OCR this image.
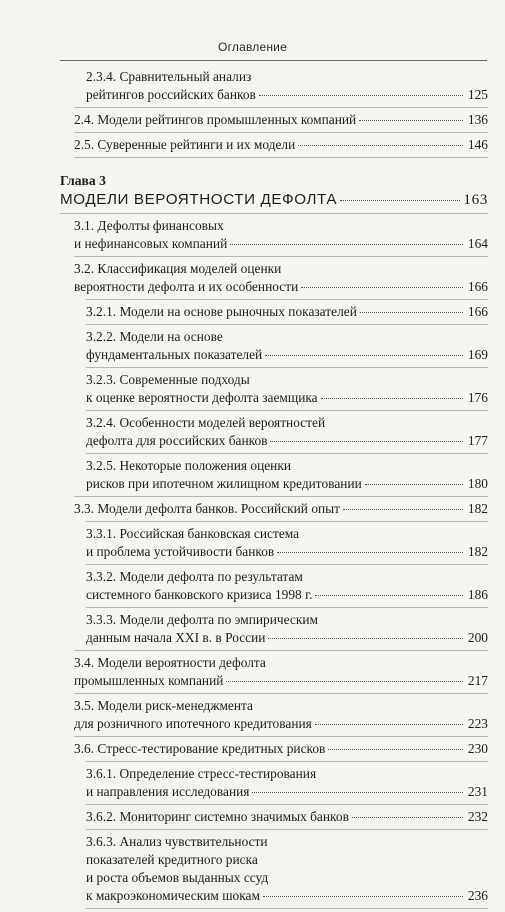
Оглавление
2.3.4. Сравнительный анализ
рейтингов российских банков	125
2.4. Модели рейтингов промышленных компаний	136
2.5. Суверенные рейтинги и их модели	146
Глава 3
МОДЕЛИ ВЕРОЯТНОСТИ ДЕФОЛТА	163
3.1. Дефолты финансовых
и нефинансовых компаний	164
3.2. Классификация моделей оценки
вероятности дефолта и их особенности	166
3.2.1. Модели на основе рыночных показателей	166
3.2.2. Модели на основе
фундаментальных показателей	169
3.2.3. Современные подходы
к оценке вероятности дефолта заемщика	176
3.2.4. Особенности моделей вероятностей
дефолта для российских банков	177
3.2.5. Некоторые положения оценки
рисков при ипотечном жилищном кредитовании	180
3.3. Модели дефолта банков. Российский опыт	182
3.3.1. Российская банковская система
и проблема устойчивости банков	182
3.3.2. Модели дефолта по результатам
системного банковского кризиса 1998 г.	186
3.3.3. Модели дефолта по эмпирическим
данным начала XXI в. в России	200
3.4. Модели вероятности дефолта
промышленных компаний	217
3.5. Модели риск-менеджмента
для розничного ипотечного кредитования	223
3.6. Стресс-тестирование кредитных рисков	230
3.6.1. Определение стресс-тестирования
и направления исследования	231
3.6.2. Мониторинг системно значимых банков	232
3.6.3. Анализ чувствительности
показателей кредитного риска
и роста объемов выданных ссуд
к макроэкономическим шокам	236
